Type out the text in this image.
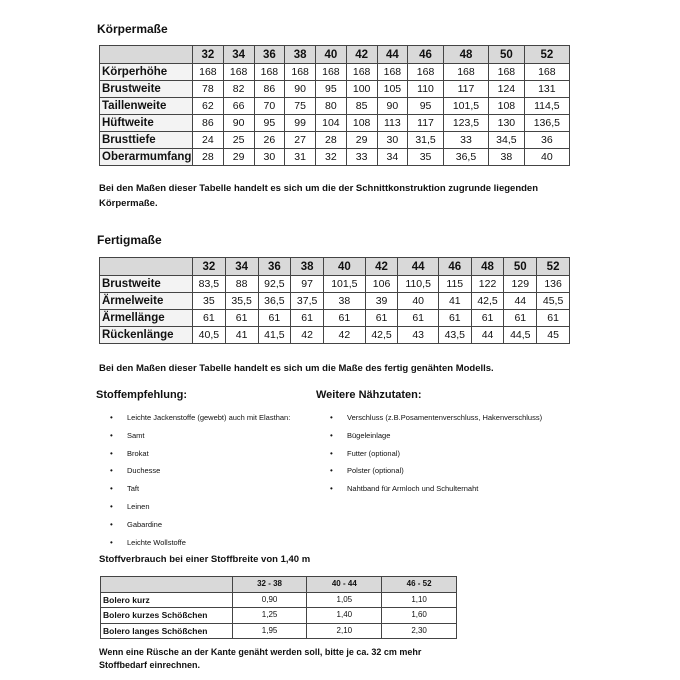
Körpermaße
	32	34	36	38	40	42	44	46	48	50	52
Körperhöhe	168	168	168	168	168	168	168	168	168	168	168
Brustweite	78	82	86	90	95	100	105	110	117	124	131
Taillenweite	62	66	70	75	80	85	90	95	101,5	108	114,5
Hüftweite	86	90	95	99	104	108	113	117	123,5	130	136,5
Brusttiefe	24	25	26	27	28	29	30	31,5	33	34,5	36
Oberarmumfang	28	29	30	31	32	33	34	35	36,5	38	40

Bei den Maßen dieser Tabelle handelt es sich um die der Schnittkonstruktion zugrunde liegenden Körpermaße.

Fertigmaße
	32	34	36	38	40	42	44	46	48	50	52
Brustweite	83,5	88	92,5	97	101,5	106	110,5	115	122	129	136
Ärmelweite	35	35,5	36,5	37,5	38	39	40	41	42,5	44	45,5
Ärmellänge	61	61	61	61	61	61	61	61	61	61	61
Rückenlänge	40,5	41	41,5	42	42	42,5	43	43,5	44	44,5	45

Bei den Maßen dieser Tabelle handelt es sich um die Maße des fertig genähten Modells.

Stoffempfehlung:

• Leichte Jackenstoffe (gewebt) auch mit Elasthan:
• Samt
• Brokat
• Duchesse
• Taft
• Leinen
• Gabardine
• Leichte Wollstoffe

Weitere Nähzutaten:

• Verschluss (z.B.Posamentenverschluss, Hakenverschluss)
• Bügeleinlage
• Futter (optional)
• Polster (optional)
• Nahtband für Armloch und Schulternaht

Stoffverbrauch bei einer Stoffbreite von 1,40 m

	32 - 38	40 - 44	46 - 52
Bolero kurz	0,90	1,05	1,10
Bolero kurzes Schößchen	1,25	1,40	1,60
Bolero langes Schößchen	1,95	2,10	2,30

Wenn eine Rüsche an der Kante genäht werden soll, bitte je ca. 32 cm mehr Stoffbedarf einrechnen.
